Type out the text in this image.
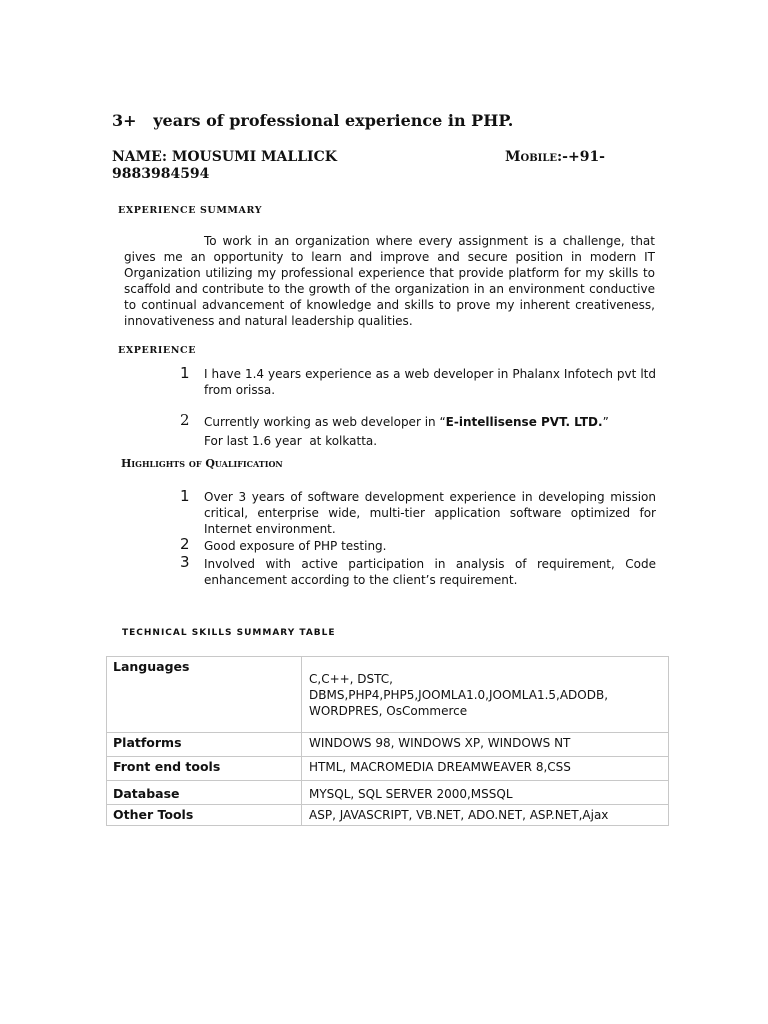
3+   years of professional experience in PHP.
NAME: MOUSUMI MALLICK	Mobile:-+91-
9883984594
EXPERIENCE SUMMARY

To work in an organization where every assignment is a challenge, that gives me an opportunity to learn and improve and secure position in modern IT Organization utilizing my professional experience that provide platform for my skills to scaffold and contribute to the growth of the organization in an environment conductive to continual advancement of knowledge and skills to prove my inherent creativeness, innovativeness and natural leadership qualities.

EXPERIENCE
1 I have 1.4 years experience as a web developer in Phalanx Infotech pvt ltd from orissa.

2 Currently working as web developer in “E-intellisense PVT. LTD.”

For last 1.6 year  at kolkatta.

Highlights of Qualification
1 Over 3 years of software development experience in developing mission critical, enterprise wide, multi-tier application software optimized for Internet environment.

2 Good exposure of PHP testing.

3 Involved with active participation in analysis of requirement, Code enhancement according to the client’s requirement.

TECHNICAL SKILLS SUMMARY TABLE
Languages	C,C++, DSTC,
DBMS,PHP4,PHP5,JOOMLA1.0,JOOMLA1.5,ADODB,
WORDPRES, OsCommerce

Platforms	WINDOWS 98, WINDOWS XP, WINDOWS NT
Front end tools	HTML, MACROMEDIA DREAMWEAVER 8,CSS
Database	MYSQL, SQL SERVER 2000,MSSQL
Other Tools	ASP, JAVASCRIPT, VB.NET, ADO.NET, ASP.NET,Ajax
